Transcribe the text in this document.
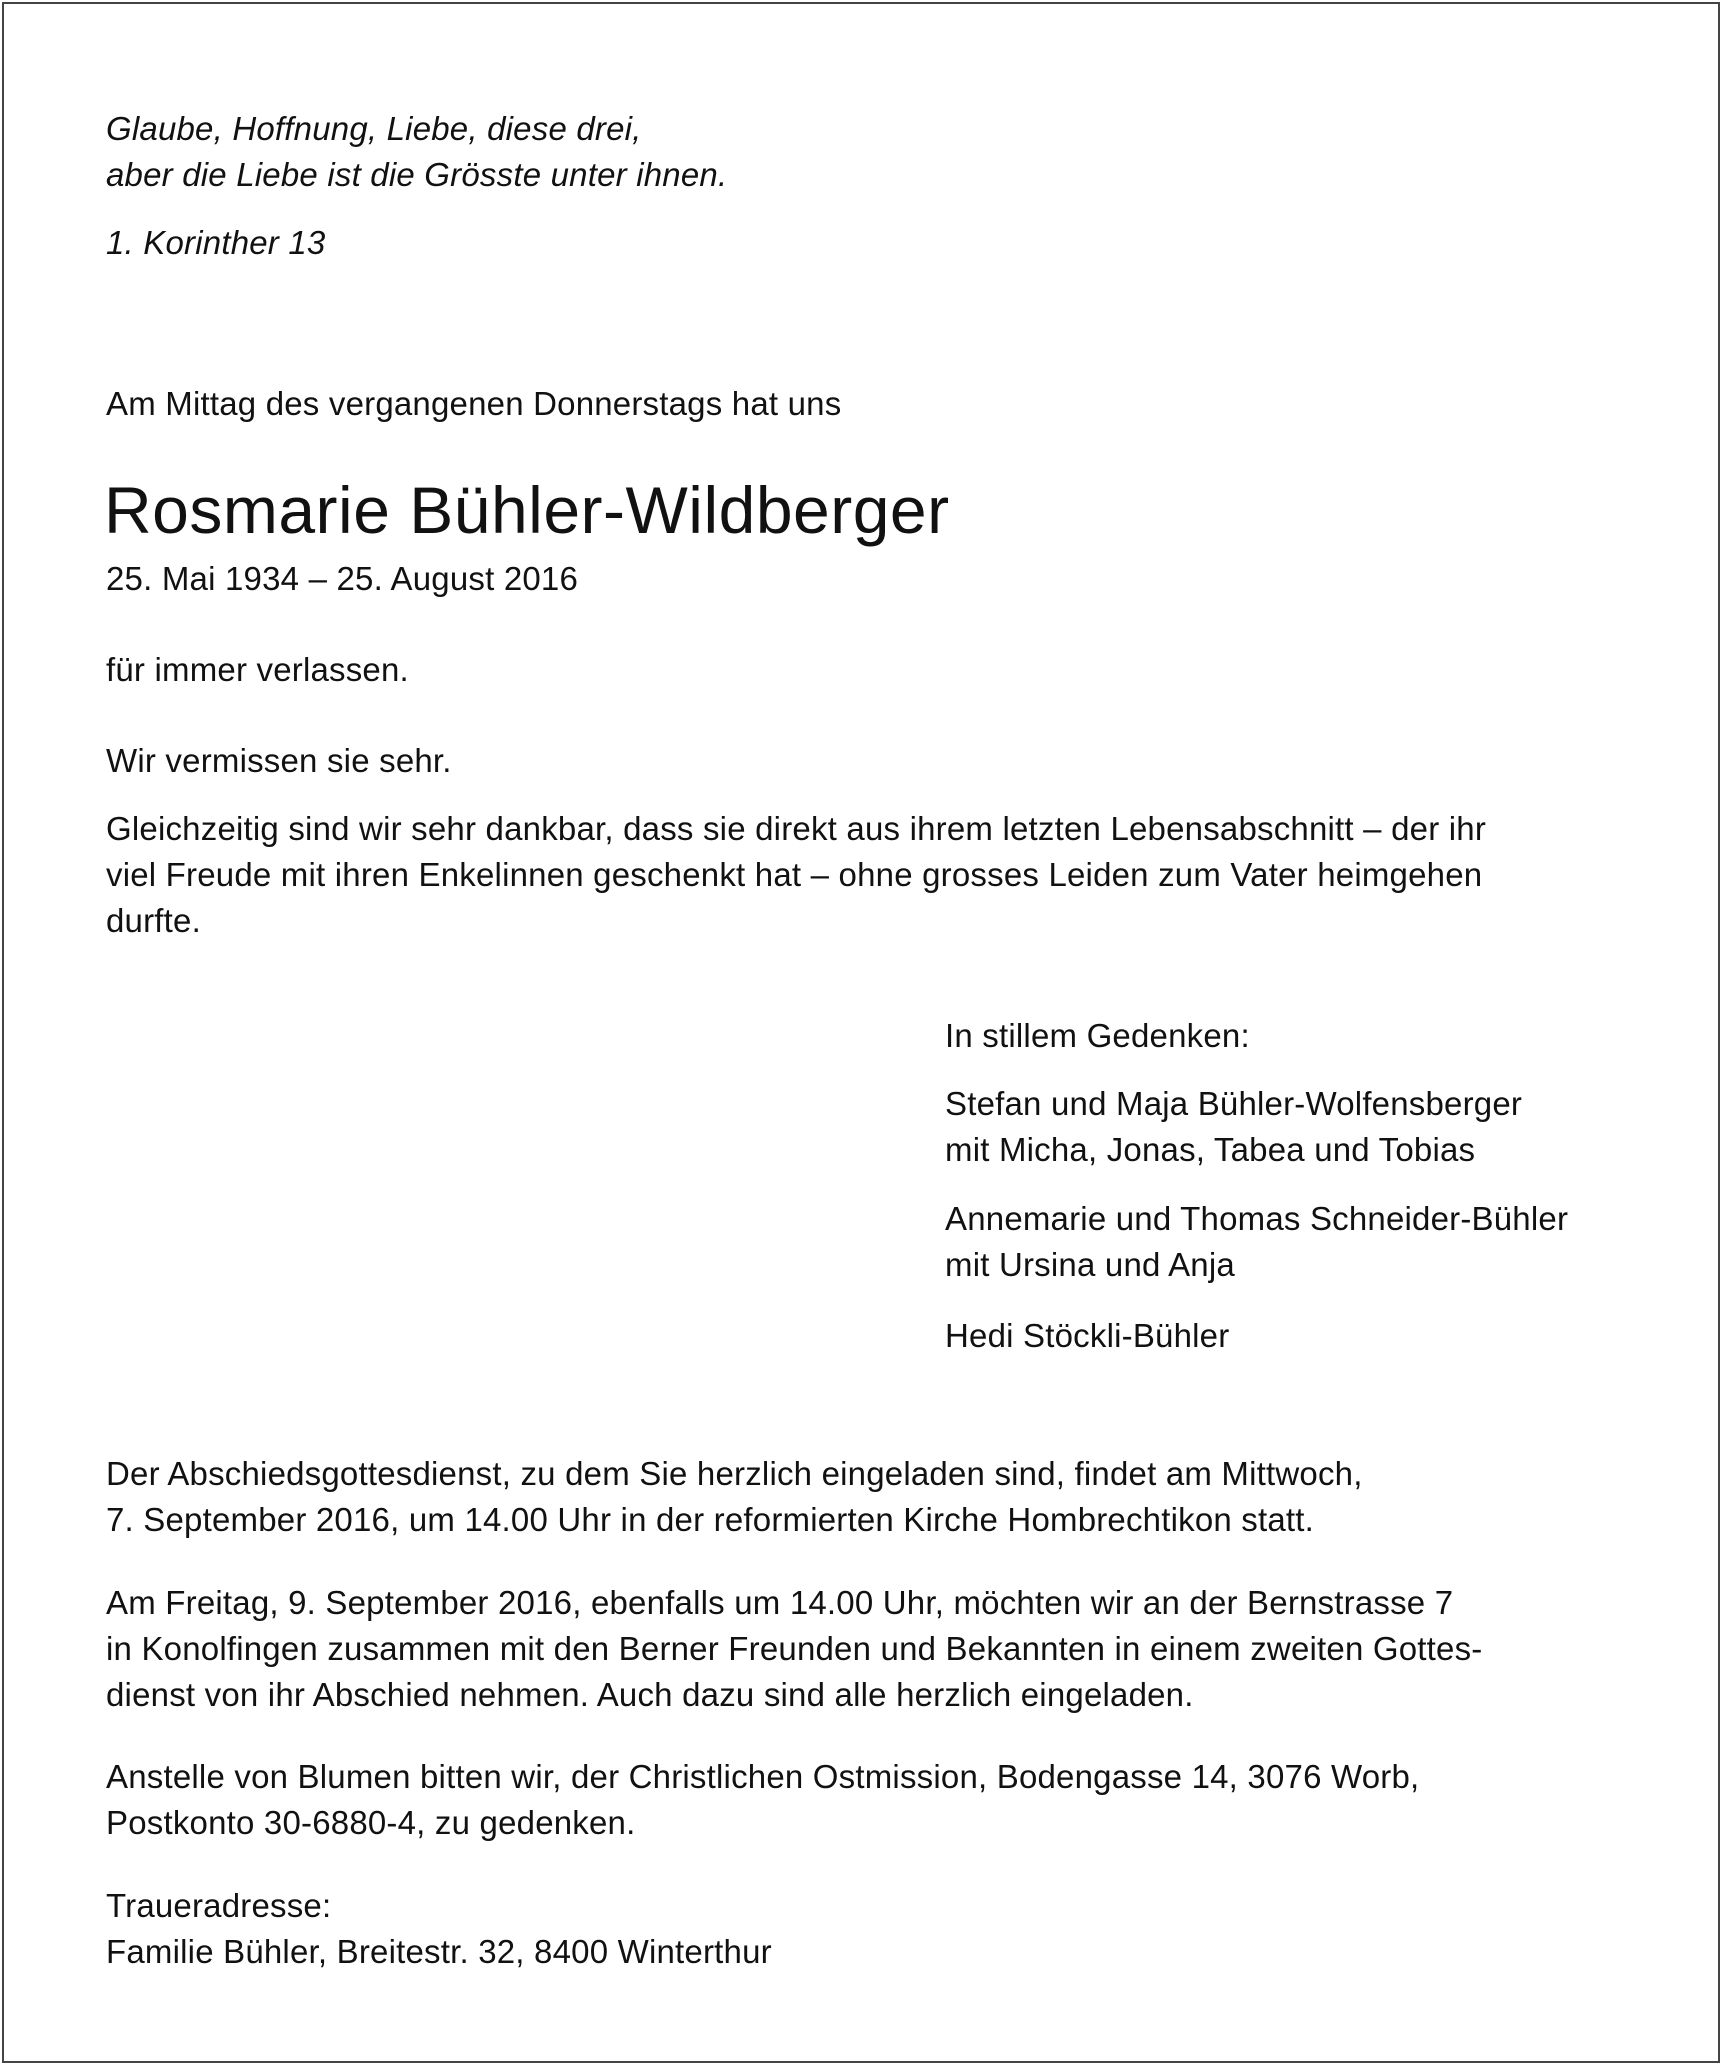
Glaube, Hoffnung, Liebe, diese drei,
aber die Liebe ist die Grösste unter ihnen.

1. Korinther 13

Am Mittag des vergangenen Donnerstags hat uns

Rosmarie Bühler-Wildberger

25. Mai 1934 – 25. August 2016

für immer verlassen.

Wir vermissen sie sehr.

Gleichzeitig sind wir sehr dankbar, dass sie direkt aus ihrem letzten Lebensabschnitt – der ihr
viel Freude mit ihren Enkelinnen geschenkt hat – ohne grosses Leiden zum Vater heimgehen
durfte.

In stillem Gedenken:

Stefan und Maja Bühler-Wolfensberger
mit Micha, Jonas, Tabea und Tobias
Annemarie und Thomas Schneider-Bühler
mit Ursina und Anja
Hedi Stöckli-Bühler
Der Abschiedsgottesdienst, zu dem Sie herzlich eingeladen sind, findet am Mittwoch,
7. September 2016, um 14.00 Uhr in der reformierten Kirche Hombrechtikon statt.
Am Freitag, 9. September 2016, ebenfalls um 14.00 Uhr, möchten wir an der Bernstrasse 7
in Konolfingen zusammen mit den Berner Freunden und Bekannten in einem zweiten Gottes-
dienst von ihr Abschied nehmen. Auch dazu sind alle herzlich eingeladen.
Anstelle von Blumen bitten wir, der Christlichen Ostmission, Bodengasse 14, 3076 Worb,
Postkonto 30-6880-4, zu gedenken.
Traueradresse:
Familie Bühler, Breitestr. 32, 8400 Winterthur
